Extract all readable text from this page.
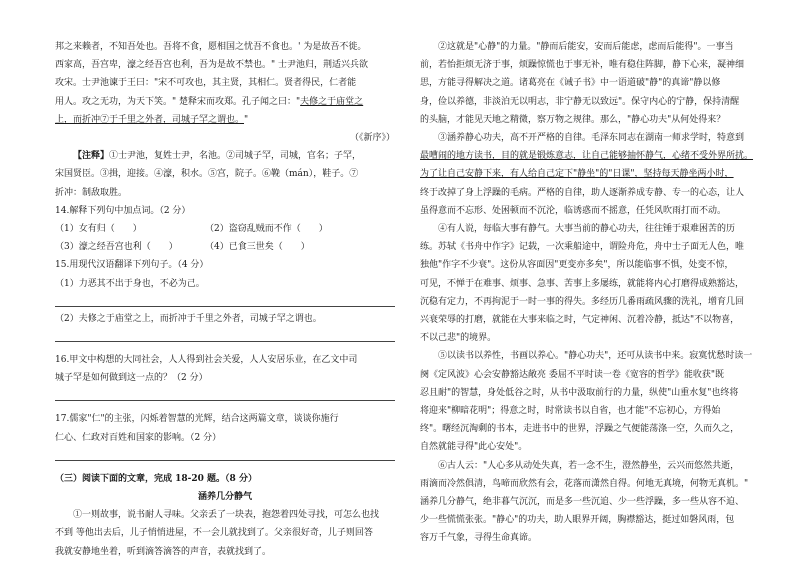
邦之来赖者，不知吾处也。吾将不食，愿相国之忧吾不食也。' 为是故吾不徙。
西家高，吾宫卑，濠之经吾宫也利，吾为是故不禁也。" 士尹池归，荆适兴兵欲
攻宋。士尹池谏于王曰："宋不可攻也，其主贤，其相仁。贤者得民，仁者能
用人。攻之无功，为天下笑。" 楚释宋而攻郑。孔子闻之曰："夫修之于庙堂之
上，而折冲⑦于千里之外者，司城子罕之谓也。"
（《新序》）
【注释】①士尹池，复姓士尹，名池。②司城子罕，司城，官名；子罕，
宋国贤臣。③揖，迎接。④濠，积水。⑤宫，院子。⑥鞔（mán），鞋子。⑦
折冲：制敌取胜。
14.解释下列句中加点词。（2 分）
（1）女有归（　　）	（2）盗窃乱贼而不作（　　）
（3）濠之经吾宫也利（　　）	（4）已食三世矣（　　）
15.用现代汉语翻译下列句子。（4 分）
（1）力恶其不出于身也，不必为己。
（2）夫修之于庙堂之上，而折冲于千里之外者，司城子罕之谓也。
16.甲文中构想的大同社会，人人得到社会关爱，人人安居乐业，在乙文中司
城子罕是如何做到这一点的？（2 分）
17.儒家"仁"的主张，闪烁着智慧的光辉，结合这两篇文章，谈谈你施行
仁心、仁政对百姓和国家的影响。（2 分）
（三）阅读下面的文章，完成 18-20 题。（8 分）
涵养几分静气
①一则故事，说书耐人寻味。父亲丢了一块表，抱怨着四处寻找，可怎么也找
不到 等他出去后，儿子悄悄进屋，不一会儿就找到了。父亲很好奇，儿子则回答
我就安静地坐着，听到滴答滴答的声音，表就找到了。
②这就是"心静"的力量。"静而后能安，安而后能虑，虑而后能得"。一事当
前，若怡拒烦无济于事，烦躁惊慌也于事无补，唯有稳住阵脚，静下心来，凝神细
思，方能寻得解决之道。诸葛亮在《诫子书》中一语道破"静"的真谛"静以修
身，俭以养德，非淡泊无以明志，非宁静无以致远"。保守内心的宁静，保持清醒
的头脑，才能见天地之精微，察万物之规律。那么，"静心功夫"从何处得来？
③涵养静心功夫，高不开严格的自律。毛泽东同志在湖南一师求学时，特意到
最嘈闹的地方读书，目的就是锻炼意志，让自己能够抽怀静气，心绪不受外界所扰。
为了让自己安静下来，有人给自己定下"静坐"的"日课"，坚持每天静坐两小时，
终于改掉了身上浮躁的毛病。严格的自律，助人逐渐养成专静、专一的心态，让人
虽得意而不忘形、处困顿而不沉沦，临诱惑而不摇意，任凭风吹雨打而不动。
④有人说，每临大事有静气。大事当前的静心功夫，往往锤于艰难困苦的历
练。苏轼《书舟中作字》记载，一次乘船途中，谓险舟危，舟中士子面无人色，唯
独他"作字不少衰"。这份从容面因"更变亦多矣"，所以能临事不惧，处变不惊，
可见，不惮于在难事、烦事、急事、苦事上多屡练，就能将内心打磨得成熟豁达，
沉稳有定力，不再拘泥于一时一事的得失。多经历几番雨疏风骤的洗礼，增育几回
兴衰荣辱的打磨，就能在大事来临之时，气定神闲、沉着冷静，抵达"不以物喜，
不以己悲"的境界。
⑤以读书以养性，书画以养心。"静心功夫"，还可从读书中来。寂寞忧愁时读一
阕《定风波》心会安静豁达敞亮 委屈不平时读一卷《宽容的哲学》能收获"既
忍且耐"的智慧，身处低谷之时，从书中汲取前行的力量，纵使"山重水复"也终将
将迎来"柳暗花明"；得意之时，时常读书以自省，也才能"不忘初心，方得始
终"。曙经沉淘剩的书本，走进书中的世界，浮躁之气便能荡涤一空，久而久之，
自然就能寻得"此心安处"。
⑥古人云："人心多从动处失真，若一念不生，澄然静坐，云兴而悠然共逝，
雨滴而冷然俱清，鸟啼而欣然有会，花落而潇然自得。何地无真境，何物无真机。"
涵养几分静气，绝非暮气沉沉，而是多一些沉追、少一些浮躁，多一些从容不迫、
少一些慌慌张张。"静心"的功夫，助人眼界开阔，胸襟豁达，挺过如磐风雨，包
容万千气象，寻得生命真谛。
